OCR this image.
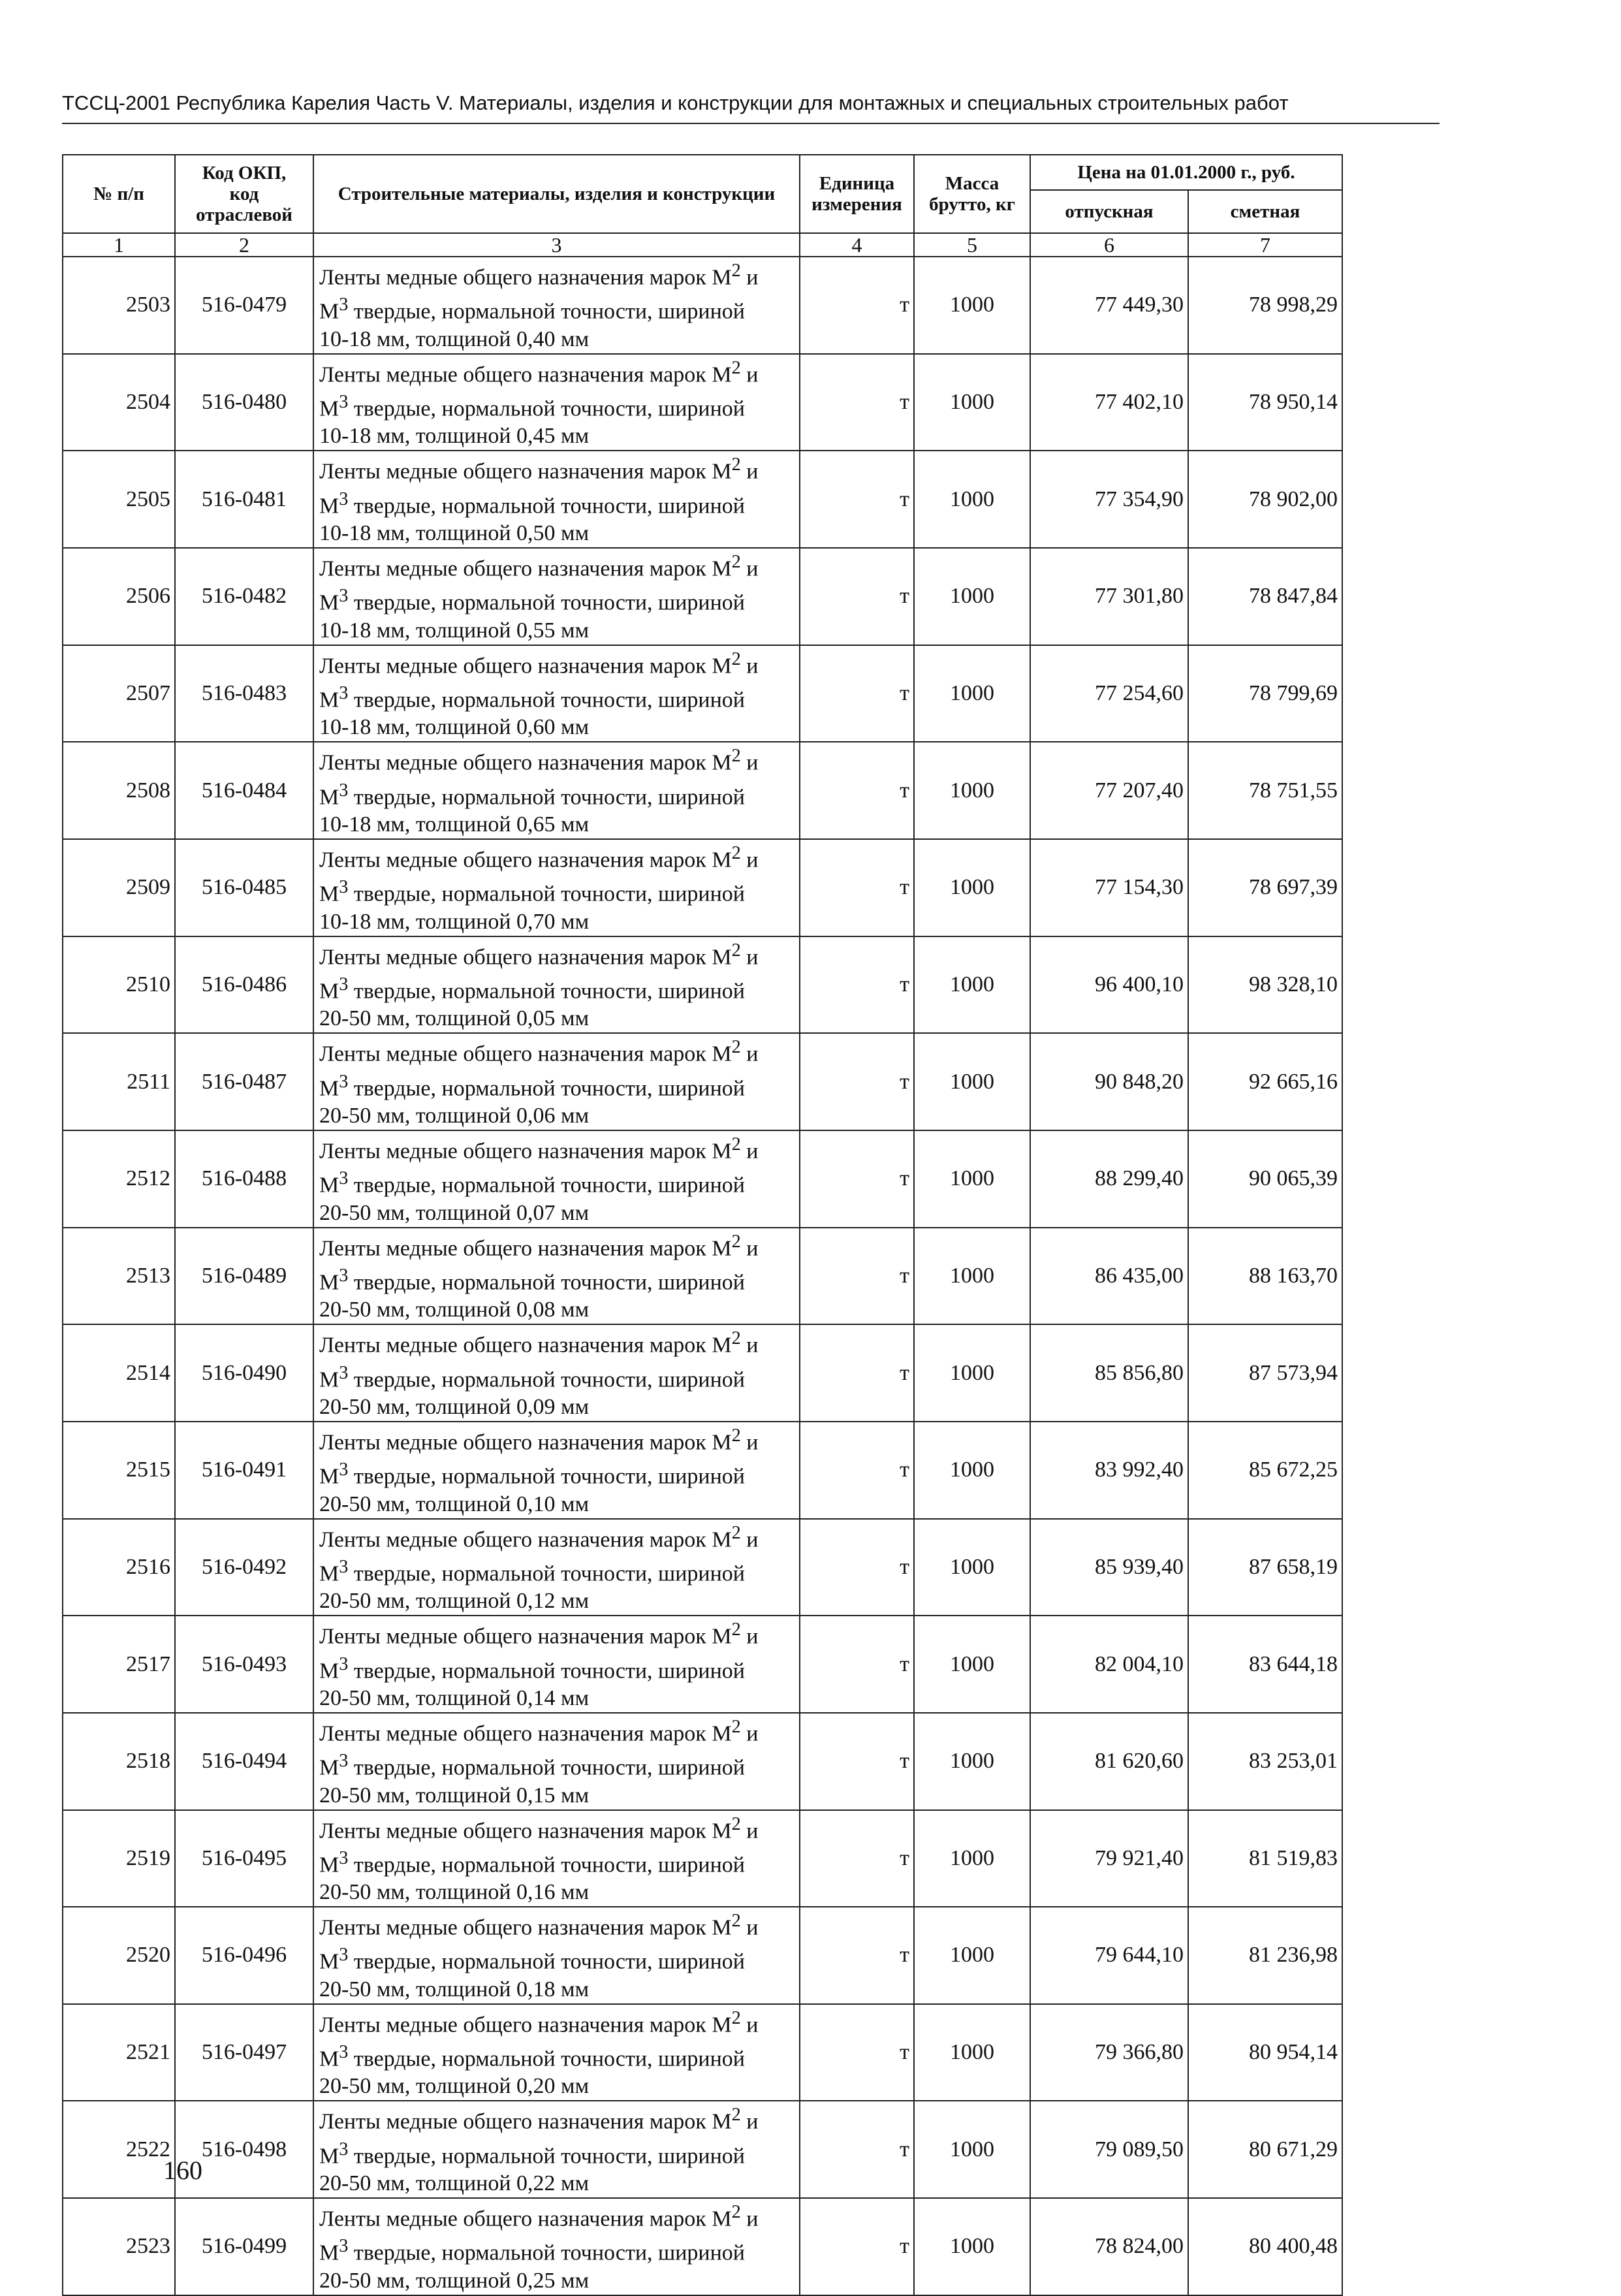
ТССЦ-2001 Республика Карелия Часть V. Материалы, изделия и конструкции для монтажных и специальных строительных работ
№ п/п	Код ОКП,
код
отраслевой	Строительные материалы, изделия и конструкции	Единица измерения	Масса брутто, кг	Цена на 01.01.2000 г., руб.	
					отпускная	сметная
1	2	3	4	5	6	7
2503	516-0479	Ленты медные общего назначения марок $М^2$ и
$М^3$ твердые, нормальной точности, шириной
10-18 мм, толщиной 0,40 мм	т	1000	77 449,30	78 998,29
2504	516-0480	Ленты медные общего назначения марок $М^2$ и
$М^3$ твердые, нормальной точности, шириной
10-18 мм, толщиной 0,45 мм	т	1000	77 402,10	78 950,14
2505	516-0481	Ленты медные общего назначения марок $М^2$ и
$М^3$ твердые, нормальной точности, шириной
10-18 мм, толщиной 0,50 мм	т	1000	77 354,90	78 902,00
2506	516-0482	Ленты медные общего назначения марок $М^2$ и
$М^3$ твердые, нормальной точности, шириной
10-18 мм, толщиной 0,55 мм	т	1000	77 301,80	78 847,84
2507	516-0483	Ленты медные общего назначения марок $М^2$ и
$М^3$ твердые, нормальной точности, шириной
10-18 мм, толщиной 0,60 мм	т	1000	77 254,60	78 799,69
2508	516-0484	Ленты медные общего назначения марок $М^2$ и
$М^3$ твердые, нормальной точности, шириной
10-18 мм, толщиной 0,65 мм	т	1000	77 207,40	78 751,55
2509	516-0485	Ленты медные общего назначения марок $М^2$ и
$М^3$ твердые, нормальной точности, шириной
10-18 мм, толщиной 0,70 мм	т	1000	77 154,30	78 697,39
2510	516-0486	Ленты медные общего назначения марок $М^2$ и
$М^3$ твердые, нормальной точности, шириной
20-50 мм, толщиной 0,05 мм	т	1000	96 400,10	98 328,10
2511	516-0487	Ленты медные общего назначения марок $М^2$ и
$М^3$ твердые, нормальной точности, шириной
20-50 мм, толщиной 0,06 мм	т	1000	90 848,20	92 665,16
2512	516-0488	Ленты медные общего назначения марок $М^2$ и
$М^3$ твердые, нормальной точности, шириной
20-50 мм, толщиной 0,07 мм	т	1000	88 299,40	90 065,39
2513	516-0489	Ленты медные общего назначения марок $М^2$ и
$М^3$ твердые, нормальной точности, шириной
20-50 мм, толщиной 0,08 мм	т	1000	86 435,00	88 163,70
2514	516-0490	Ленты медные общего назначения марок $М^2$ и
$М^3$ твердые, нормальной точности, шириной
20-50 мм, толщиной 0,09 мм	т	1000	85 856,80	87 573,94
2515	516-0491	Ленты медные общего назначения марок $М^2$ и
$М^3$ твердые, нормальной точности, шириной
20-50 мм, толщиной 0,10 мм	т	1000	83 992,40	85 672,25
2516	516-0492	Ленты медные общего назначения марок $М^2$ и
$М^3$ твердые, нормальной точности, шириной
20-50 мм, толщиной 0,12 мм	т	1000	85 939,40	87 658,19
2517	516-0493	Ленты медные общего назначения марок $М^2$ и
$М^3$ твердые, нормальной точности, шириной
20-50 мм, толщиной 0,14 мм	т	1000	82 004,10	83 644,18
2518	516-0494	Ленты медные общего назначения марок $М^2$ и
$М^3$ твердые, нормальной точности, шириной
20-50 мм, толщиной 0,15 мм	т	1000	81 620,60	83 253,01
2519	516-0495	Ленты медные общего назначения марок $М^2$ и
$М^3$ твердые, нормальной точности, шириной
20-50 мм, толщиной 0,16 мм	т	1000	79 921,40	81 519,83
2520	516-0496	Ленты медные общего назначения марок $М^2$ и
$М^3$ твердые, нормальной точности, шириной
20-50 мм, толщиной 0,18 мм	т	1000	79 644,10	81 236,98
2521	516-0497	Ленты медные общего назначения марок $М^2$ и
$М^3$ твердые, нормальной точности, шириной
20-50 мм, толщиной 0,20 мм	т	1000	79 366,80	80 954,14
2522	516-0498	Ленты медные общего назначения марок $М^2$ и
$М^3$ твердые, нормальной точности, шириной
20-50 мм, толщиной 0,22 мм	т	1000	79 089,50	80 671,29
2523	516-0499	Ленты медные общего назначения марок $М^2$ и
$М^3$ твердые, нормальной точности, шириной
20-50 мм, толщиной 0,25 мм	т	1000	78 824,00	80 400,48
160
